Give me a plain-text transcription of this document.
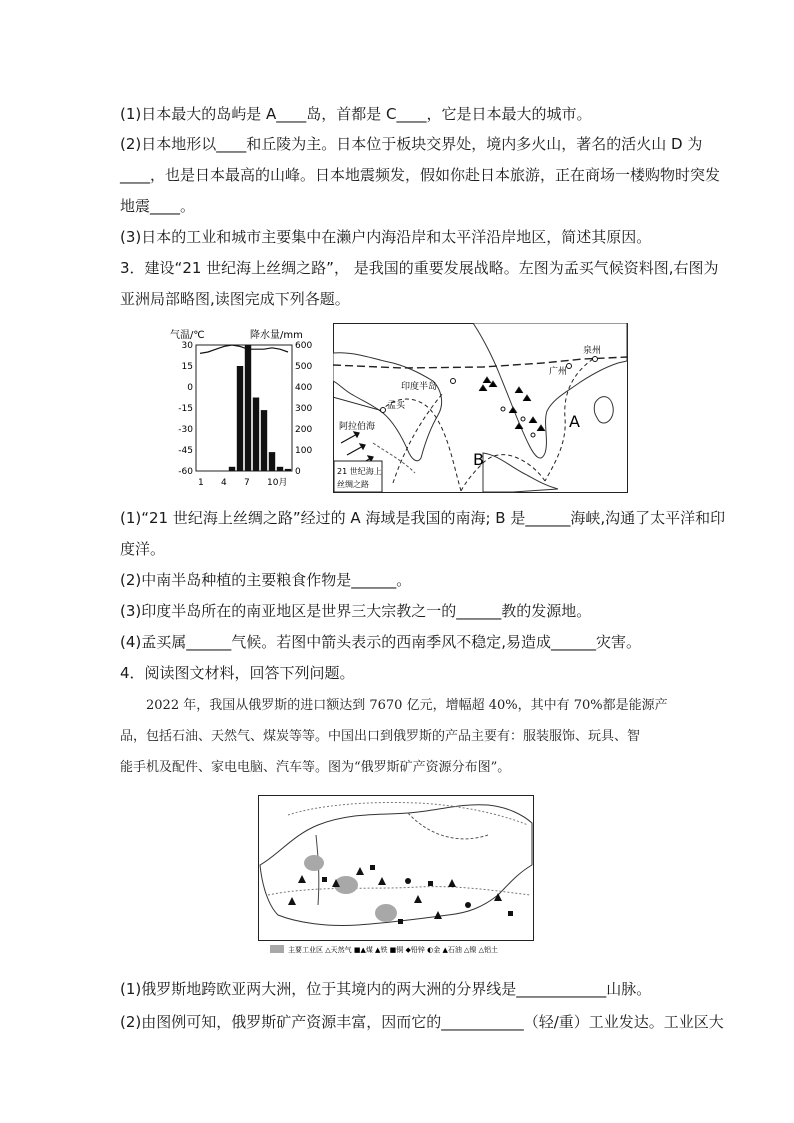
(1)日本最大的岛屿是 A____岛，首都是 C____，它是日本最大的城市。
(2)日本地形以____和丘陵为主。日本位于板块交界处，境内多火山，著名的活火山 D 为
____，也是日本最高的山峰。日本地震频发，假如你赴日本旅游，正在商场一楼购物时突发
地震____。
(3)日本的工业和城市主要集中在濑户内海沿岸和太平洋沿岸地区，简述其原因。
3．建设“21 世纪海上丝绸之路”， 是我国的重要发展战略。左图为孟买气候资料图,右图为
亚洲局部略图,读图完成下列各题。
气温/℃	降水量/mm
30
15
0
-15
-30
-45
-60
600
500
400
300
200
100
0
1 4 7 10月
印度半岛
孟买
阿拉伯海
广州
泉州
A
B
21 世纪海上
丝绸之路
(1)“21 世纪海上丝绸之路”经过的 A 海域是我国的南海; B 是______海峡,沟通了太平洋和印
度洋。
(2)中南半岛种植的主要粮食作物是______。
(3)印度半岛所在的南亚地区是世界三大宗教之一的______教的发源地。
(4)孟买属______气候。若图中箭头表示的西南季风不稳定,易造成______灾害。
4．阅读图文材料，回答下列问题。
2022 年，我国从俄罗斯的进口额达到 7670 亿元，增幅超 40%，其中有 70%都是能源产
品，包括石油、天然气、煤炭等等。中国出口到俄罗斯的产品主要有：服装服饰、玩具、智
能手机及配件、家电电脑、汽车等。图为“俄罗斯矿产资源分布图”。
主要工业区 △天然气 ■▲煤 ▲铁 ■铜 ◆铅锌 ◐金 ▲石油 △镍 △铝土
(1)俄罗斯地跨欧亚两大洲，位于其境内的两大洲的分界线是____________山脉。
(2)由图例可知，俄罗斯矿产资源丰富，因而它的___________（轻/重）工业发达。工业区大
